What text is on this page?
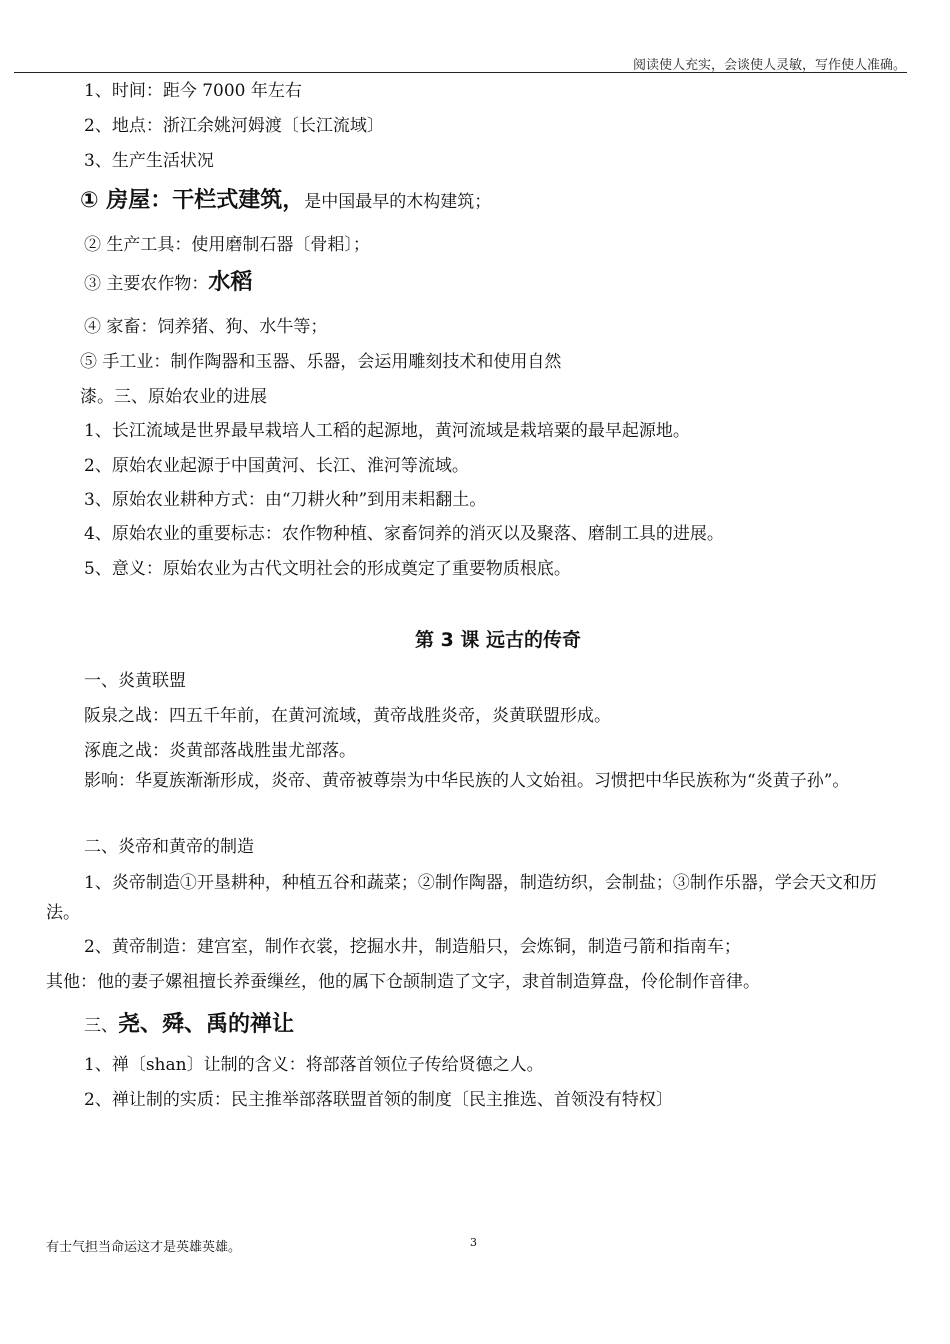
阅读使人充实，会谈使人灵敏，写作使人准确。
1、时间：距今 7000 年左右
2、地点：浙江余姚河姆渡〔长江流域〕
3、生产生活状况
① 房屋：干栏式建筑，是中国最早的木构建筑；
② 生产工具：使用磨制石器〔骨耜〕；
③ 主要农作物：水稻
④ 家畜：饲养猪、狗、水牛等；
⑤ 手工业：制作陶器和玉器、乐器，会运用雕刻技术和使用自然
漆。三、原始农业的进展
1、长江流域是世界最早栽培人工稻的起源地，黄河流域是栽培粟的最早起源地。
2、原始农业起源于中国黄河、长江、淮河等流域。
3、原始农业耕种方式：由“刀耕火种”到用耒耜翻土。
4、原始农业的重要标志：农作物种植、家畜饲养的消灭以及聚落、磨制工具的进展。
5、意义：原始农业为古代文明社会的形成奠定了重要物质根底。
第 3 课 远古的传奇
一、炎黄联盟
阪泉之战：四五千年前，在黄河流域，黄帝战胜炎帝，炎黄联盟形成。
涿鹿之战：炎黄部落战胜蚩尤部落。
影响：华夏族渐渐形成，炎帝、黄帝被尊崇为中华民族的人文始祖。习惯把中华民族称为“炎黄子孙”。
二、炎帝和黄帝的制造
1、炎帝制造①开垦耕种，种植五谷和蔬菜；②制作陶器，制造纺织，会制盐；③制作乐器，学会天文和历法。
2、黄帝制造：建宫室，制作衣裳，挖掘水井，制造船只，会炼铜，制造弓箭和指南车；
其他：他的妻子嫘祖擅长养蚕缫丝，他的属下仓颉制造了文字，隶首制造算盘，伶伦制作音律。
三、尧、舜、禹的禅让
1、禅〔shan〕让制的含义：将部落首领位子传给贤德之人。
2、禅让制的实质：民主推举部落联盟首领的制度〔民主推选、首领没有特权〕
有士气担当命运这才是英雄英雄。	3
